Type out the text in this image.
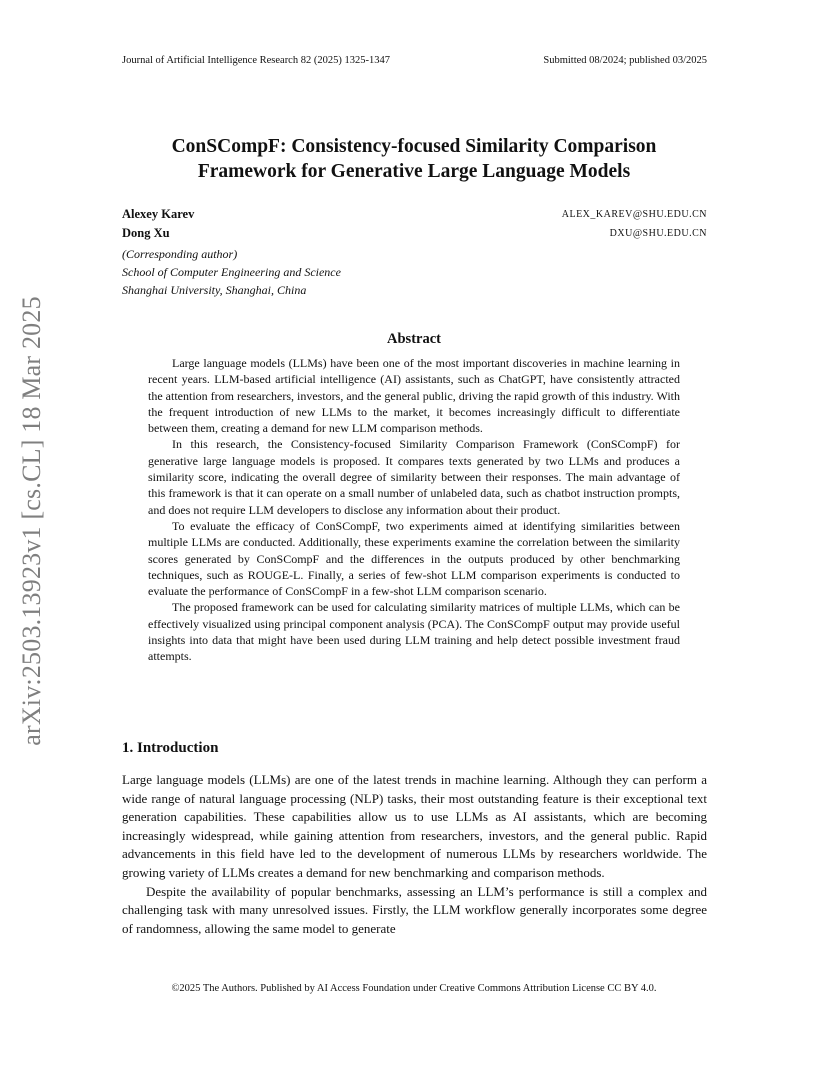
Journal of Artificial Intelligence Research 82 (2025) 1325-1347	Submitted 08/2024; published 03/2025
arXiv:2503.13923v1 [cs.CL] 18 Mar 2025
ConSCompF: Consistency-focused Similarity Comparison
Framework for Generative Large Language Models
Alexey Karev	ALEX_KAREV@SHU.EDU.CN
Dong Xu	DXU@SHU.EDU.CN
(Corresponding author)
School of Computer Engineering and Science
Shanghai University, Shanghai, China
Abstract

Large language models (LLMs) have been one of the most important discoveries in machine learning in recent years. LLM-based artificial intelligence (AI) assistants, such as ChatGPT, have consistently attracted the attention from researchers, investors, and the general public, driving the rapid growth of this industry. With the frequent introduction of new LLMs to the market, it becomes increasingly difficult to differentiate between them, creating a demand for new LLM comparison methods.

In this research, the Consistency-focused Similarity Comparison Framework (ConSCompF) for generative large language models is proposed. It compares texts generated by two LLMs and produces a similarity score, indicating the overall degree of similarity between their responses. The main advantage of this framework is that it can operate on a small number of unlabeled data, such as chatbot instruction prompts, and does not require LLM developers to disclose any information about their product.

To evaluate the efficacy of ConSCompF, two experiments aimed at identifying similarities between multiple LLMs are conducted. Additionally, these experiments examine the correlation between the similarity scores generated by ConSCompF and the differences in the outputs produced by other benchmarking techniques, such as ROUGE-L. Finally, a series of few-shot LLM comparison experiments is conducted to evaluate the performance of ConSCompF in a few-shot LLM comparison scenario.

The proposed framework can be used for calculating similarity matrices of multiple LLMs, which can be effectively visualized using principal component analysis (PCA). The ConSCompF output may provide useful insights into data that might have been used during LLM training and help detect possible investment fraud attempts.

1. Introduction

Large language models (LLMs) are one of the latest trends in machine learning. Although they can perform a wide range of natural language processing (NLP) tasks, their most outstanding feature is their exceptional text generation capabilities. These capabilities allow us to use LLMs as AI assistants, which are becoming increasingly widespread, while gaining attention from researchers, investors, and the general public. Rapid advancements in this field have led to the development of numerous LLMs by researchers worldwide. The growing variety of LLMs creates a demand for new benchmarking and comparison methods.

Despite the availability of popular benchmarks, assessing an LLM’s performance is still a complex and challenging task with many unresolved issues. Firstly, the LLM workflow generally incorporates some degree of randomness, allowing the same model to generate

©2025 The Authors. Published by AI Access Foundation under Creative Commons Attribution License CC BY 4.0.
